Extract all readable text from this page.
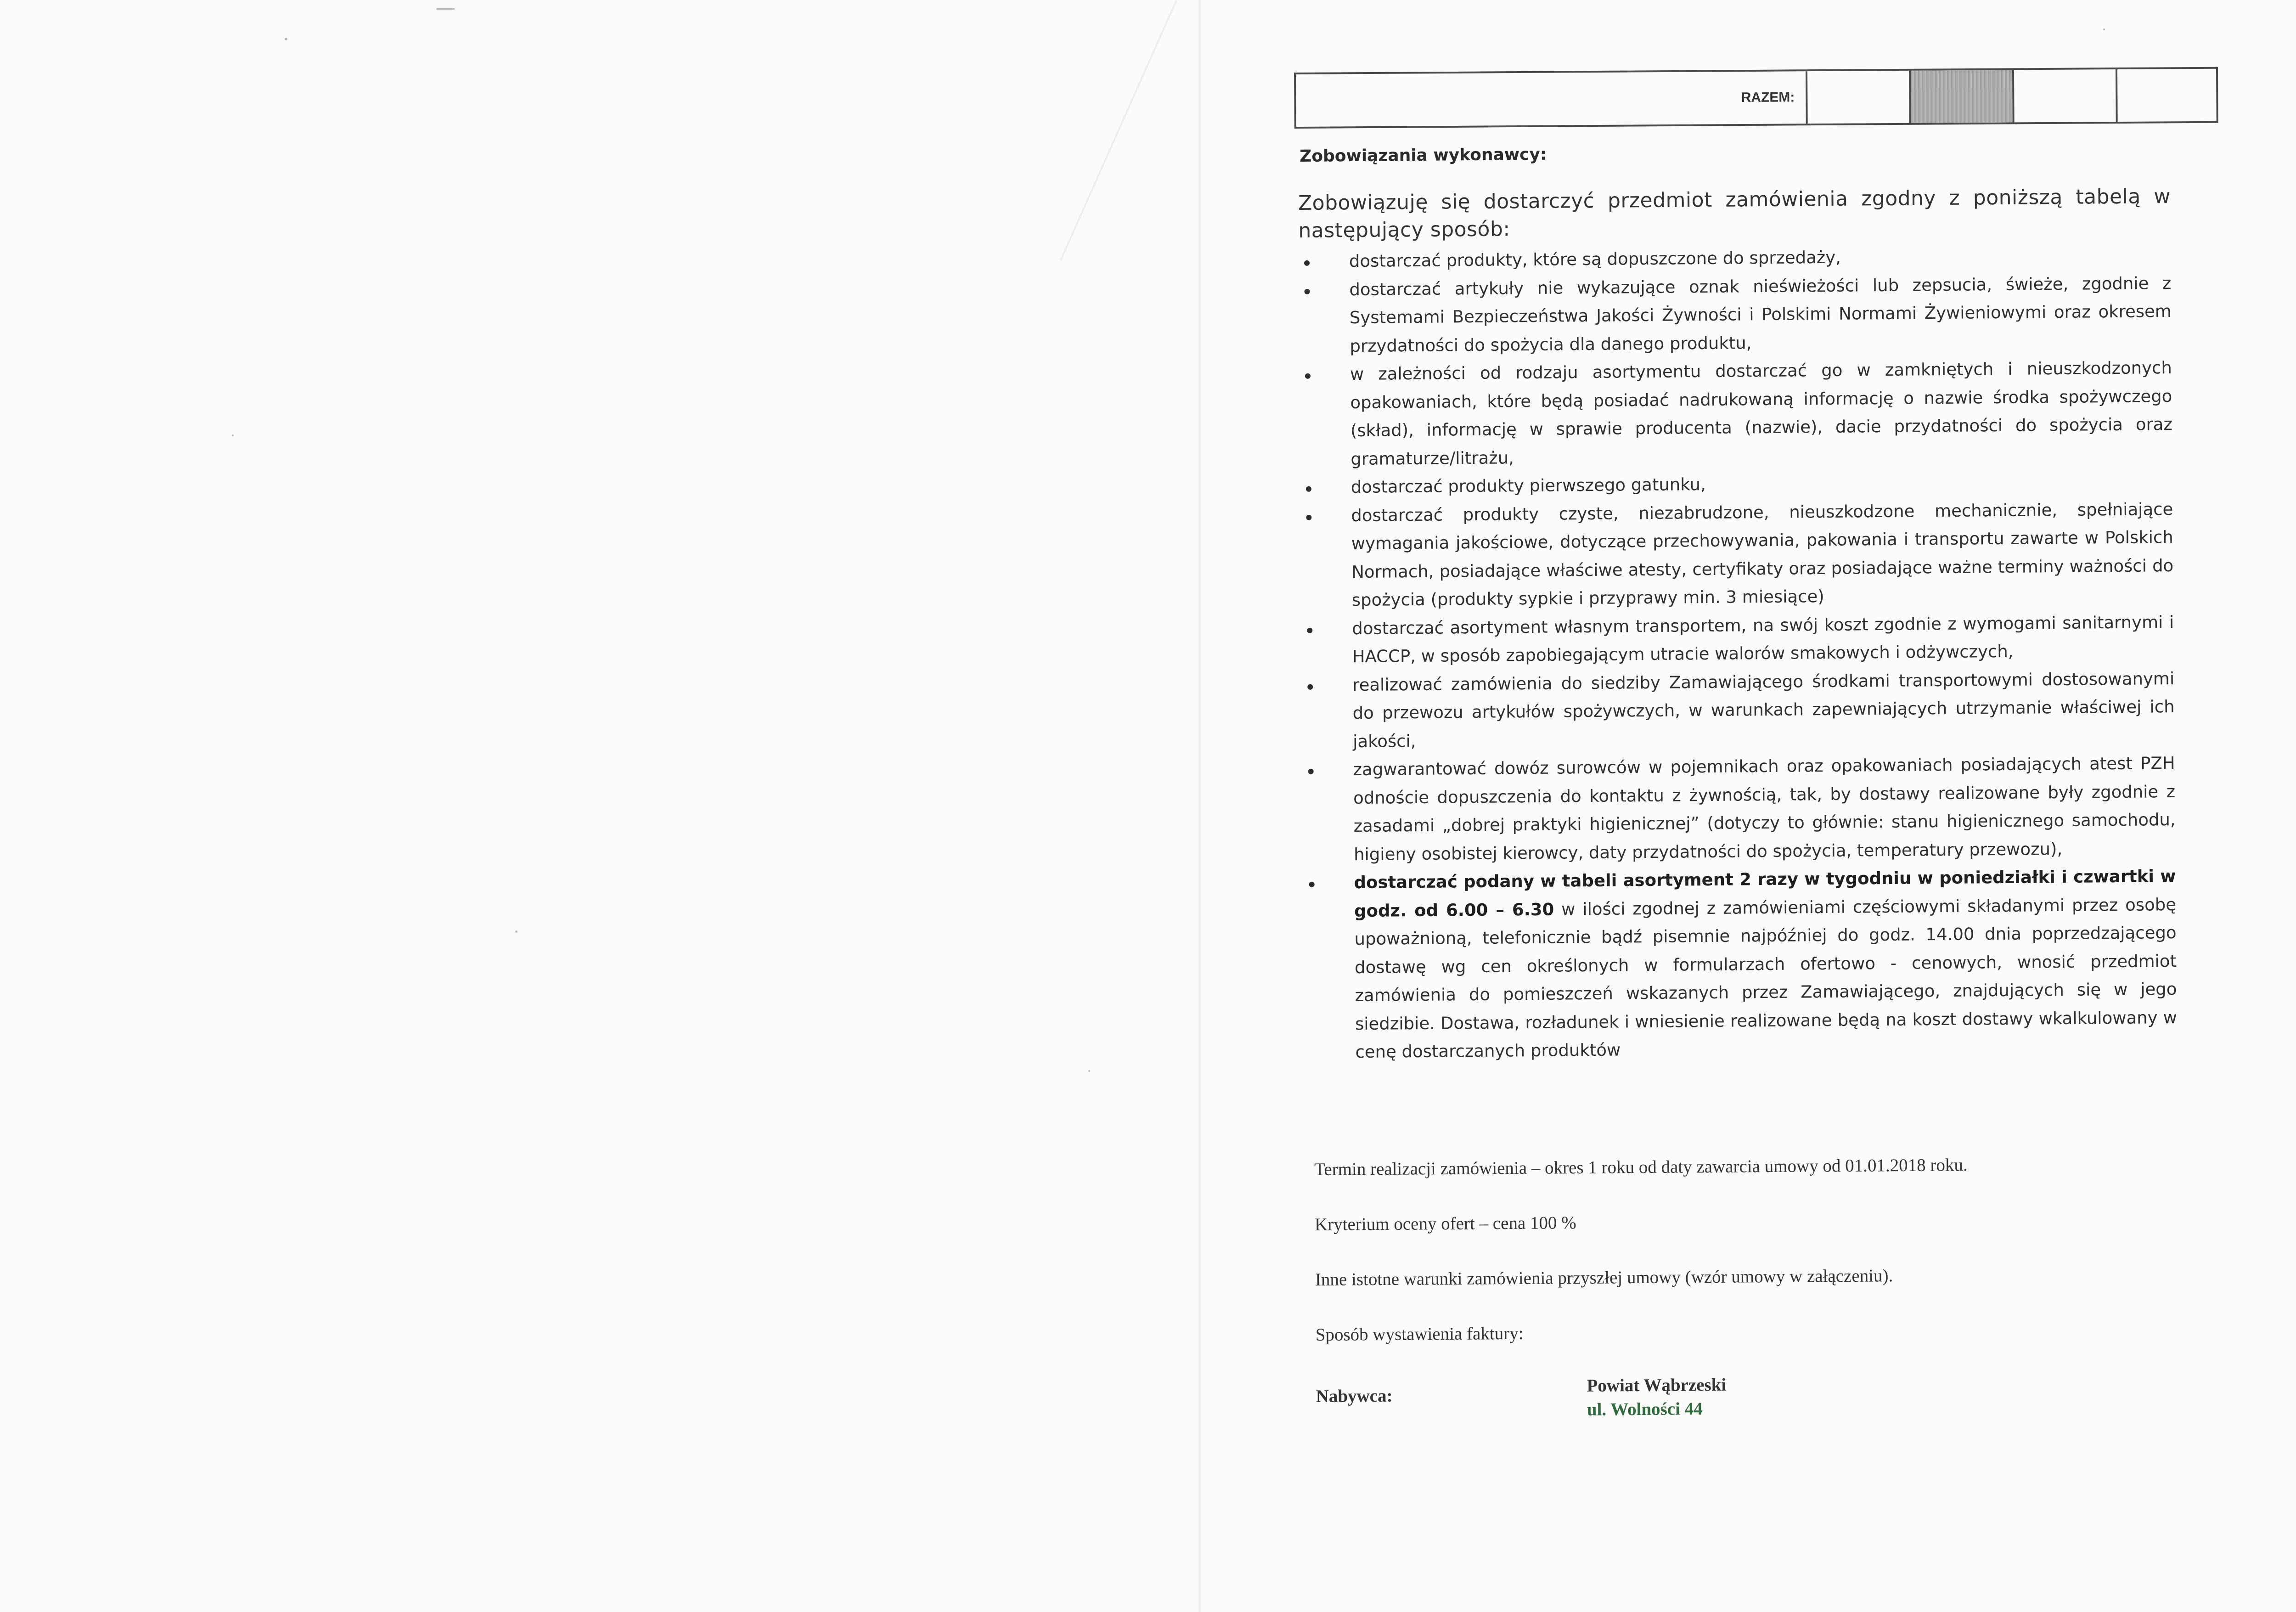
RAZEM:
Zobowiązania wykonawcy:

Zobowiązuję się dostarczyć przedmiot zamówienia zgodny z poniższą tabelą w następujący sposób:

dostarczać produkty, które są dopuszczone do sprzedaży,
dostarczać artykuły nie wykazujące oznak nieświeżości lub zepsucia, świeże, zgodnie z Systemami Bezpieczeństwa Jakości Żywności i Polskimi Normami Żywieniowymi oraz okresem przydatności do spożycia dla danego produktu,
w zależności od rodzaju asortymentu dostarczać go w zamkniętych i nieuszkodzonych opakowaniach, które będą posiadać nadrukowaną informację o nazwie środka spożywczego (skład), informację w sprawie producenta (nazwie), dacie przydatności do spożycia oraz gramaturze/litrażu,
dostarczać produkty pierwszego gatunku,
dostarczać produkty czyste, niezabrudzone, nieuszkodzone mechanicznie, spełniające wymagania jakościowe, dotyczące przechowywania, pakowania i transportu zawarte w Polskich Normach, posiadające właściwe atesty, certyfikaty oraz posiadające ważne terminy ważności do spożycia (produkty sypkie i przyprawy min. 3 miesiące)
dostarczać asortyment własnym transportem, na swój koszt zgodnie z wymogami sanitarnymi i HACCP, w sposób zapobiegającym utracie walorów smakowych i odżywczych,
realizować zamówienia do siedziby Zamawiającego środkami transportowymi dostosowanymi do przewozu artykułów spożywczych, w warunkach zapewniających utrzymanie właściwej ich jakości,
zagwarantować dowóz surowców w pojemnikach oraz opakowaniach posiadających atest PZH odnoście dopuszczenia do kontaktu z żywnością, tak, by dostawy realizowane były zgodnie z zasadami „dobrej praktyki higienicznej” (dotyczy to głównie: stanu higienicznego samochodu, higieny osobistej kierowcy, daty przydatności do spożycia, temperatury przewozu),
dostarczać podany w tabeli asortyment 2 razy w tygodniu w poniedziałki i czwartki w godz. od 6.00 – 6.30 w ilości zgodnej z zamówieniami częściowymi składanymi przez osobę upoważnioną, telefonicznie bądź pisemnie najpóźniej do godz. 14.00 dnia poprzedzającego dostawę wg cen określonych w formularzach ofertowo - cenowych, wnosić przedmiot zamówienia do pomieszczeń wskazanych przez Zamawiającego, znajdujących się w jego siedzibie. Dostawa, rozładunek i wniesienie realizowane będą na koszt dostawy wkalkulowany w cenę dostarczanych produktów

Termin realizacji zamówienia – okres 1 roku od daty zawarcia umowy od 01.01.2018 roku.

Kryterium oceny ofert – cena 100 %

Inne istotne warunki zamówienia przyszłej umowy (wzór umowy w załączeniu).

Sposób wystawienia faktury:

Nabywca:
Powiat Wąbrzeski
ul. Wolności 44
